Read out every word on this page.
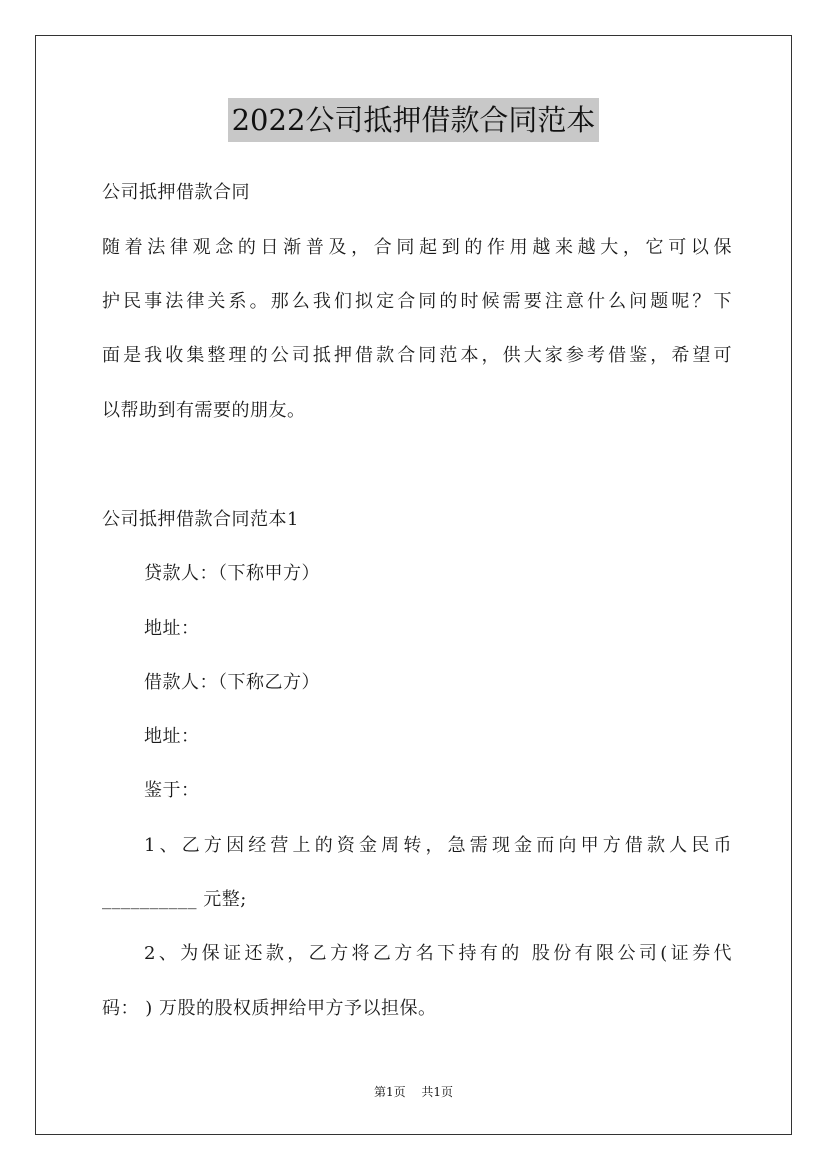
2022公司抵押借款合同范本
公司抵押借款合同
随着法律观念的日渐普及，合同起到的作用越来越大，它可以保
护民事法律关系。那么我们拟定合同的时候需要注意什么问题呢？下
面是我收集整理的公司抵押借款合同范本，供大家参考借鉴，希望可
以帮助到有需要的朋友。
公司抵押借款合同范本1
贷款人：（下称甲方）
地址：
借款人：（下称乙方）
地址：
鉴于：
1、乙方因经营上的资金周转，急需现金而向甲方借款人民币
__________ 元整;
2、为保证还款，乙方将乙方名下持有的 股份有限公司(证券代
码： ) 万股的股权质押给甲方予以担保。
第1页 共1页
